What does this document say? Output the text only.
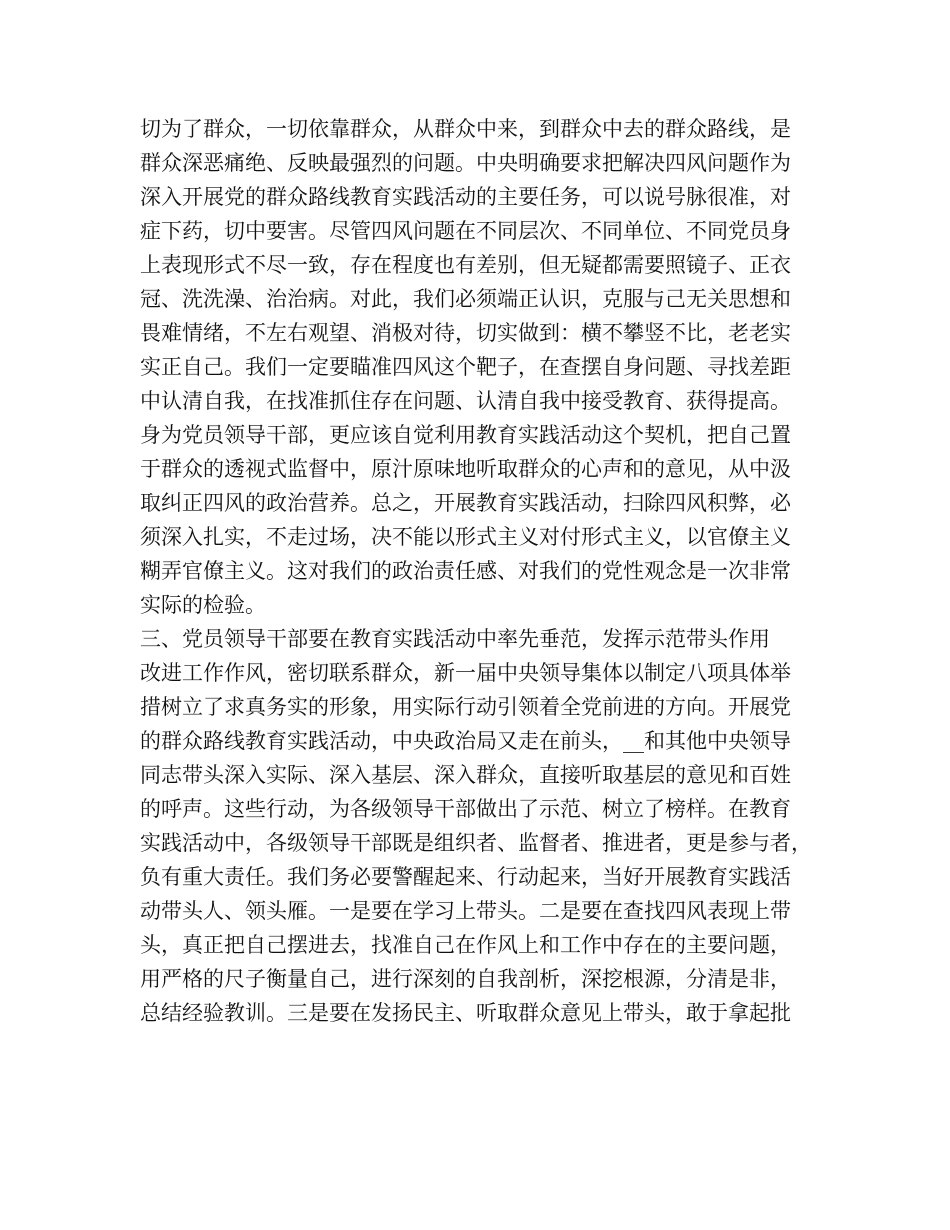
切为了群众，一切依靠群众，从群众中来，到群众中去的群众路线，是
群众深恶痛绝、反映最强烈的问题。中央明确要求把解决四风问题作为
深入开展党的群众路线教育实践活动的主要任务，可以说号脉很准，对
症下药，切中要害。尽管四风问题在不同层次、不同单位、不同党员身
上表现形式不尽一致，存在程度也有差别，但无疑都需要照镜子、正衣
冠、洗洗澡、治治病。对此，我们必须端正认识，克服与己无关思想和
畏难情绪，不左右观望、消极对待，切实做到：横不攀竖不比，老老实
实正自己。我们一定要瞄准四风这个靶子，在查摆自身问题、寻找差距
中认清自我，在找准抓住存在问题、认清自我中接受教育、获得提高。
身为党员领导干部，更应该自觉利用教育实践活动这个契机，把自己置
于群众的透视式监督中，原汁原味地听取群众的心声和的意见，从中汲
取纠正四风的政治营养。总之，开展教育实践活动，扫除四风积弊，必
须深入扎实，不走过场，决不能以形式主义对付形式主义，以官僚主义
糊弄官僚主义。这对我们的政治责任感、对我们的党性观念是一次非常
实际的检验。
三、党员领导干部要在教育实践活动中率先垂范，发挥示范带头作用
改进工作作风，密切联系群众，新一届中央领导集体以制定八项具体举
措树立了求真务实的形象，用实际行动引领着全党前进的方向。开展党
的群众路线教育实践活动，中央政治局又走在前头，__和其他中央领导
同志带头深入实际、深入基层、深入群众，直接听取基层的意见和百姓
的呼声。这些行动，为各级领导干部做出了示范、树立了榜样。在教育
实践活动中，各级领导干部既是组织者、监督者、推进者，更是参与者，
负有重大责任。我们务必要警醒起来、行动起来，当好开展教育实践活
动带头人、领头雁。一是要在学习上带头。二是要在查找四风表现上带
头，真正把自己摆进去，找准自己在作风上和工作中存在的主要问题，
用严格的尺子衡量自己，进行深刻的自我剖析，深挖根源，分清是非，
总结经验教训。三是要在发扬民主、听取群众意见上带头，敢于拿起批
